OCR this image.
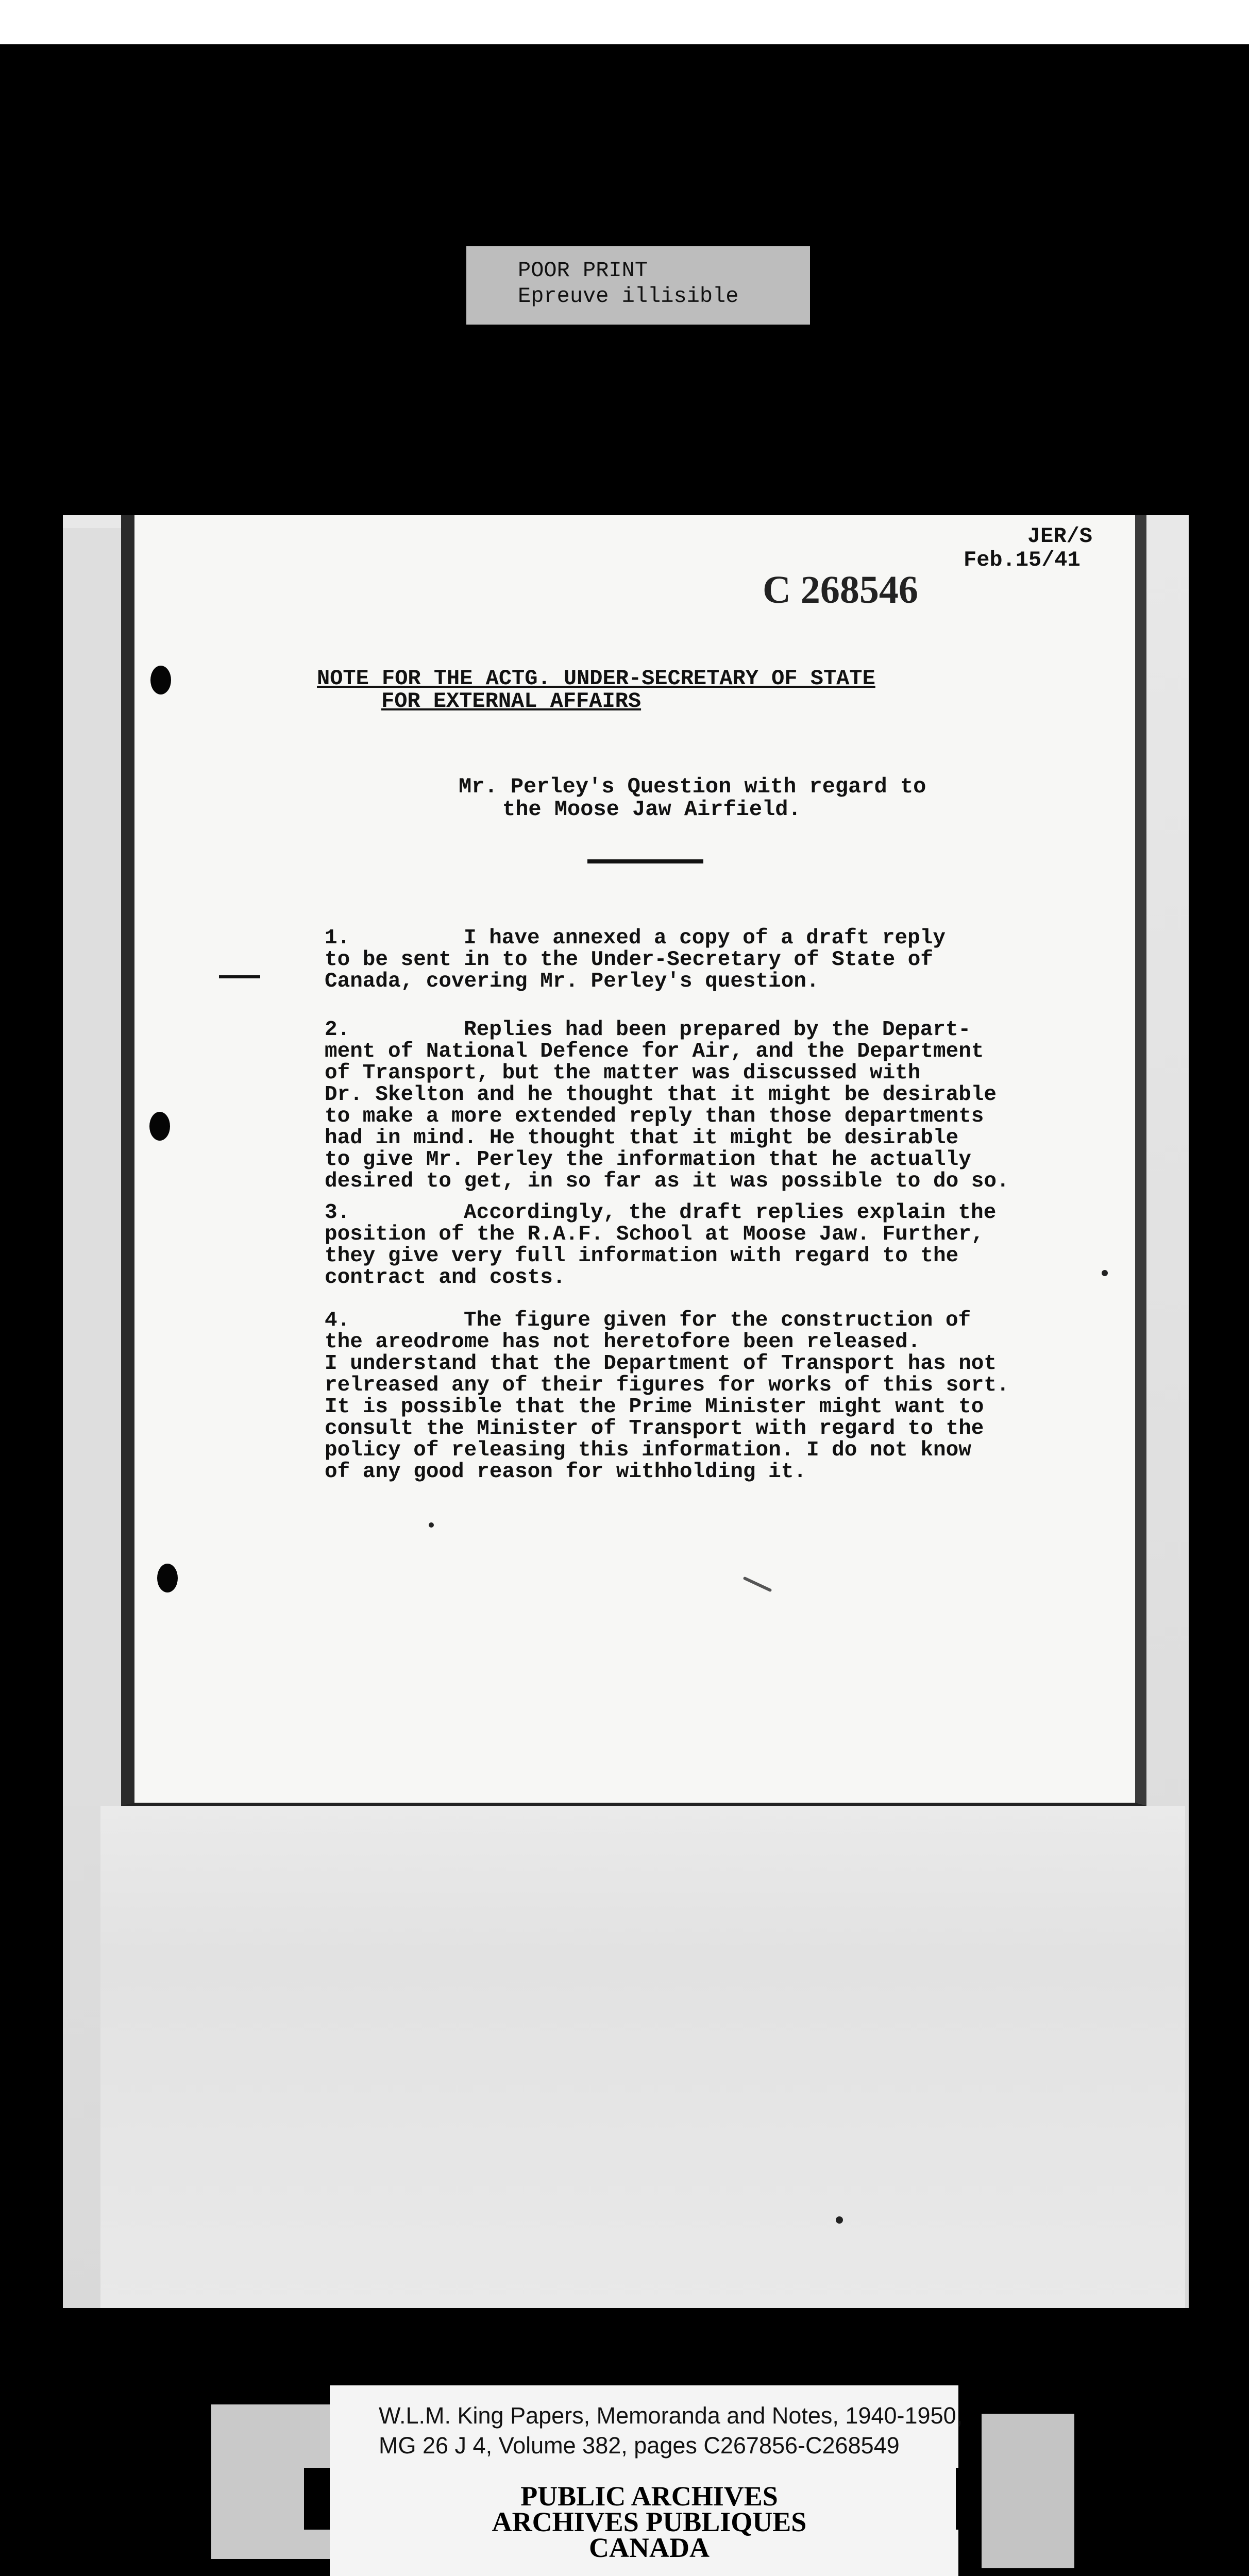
POOR PRINT
Epreuve illisible
JER/S
Feb.15/41
C 268546
NOTE FOR THE ACTG. UNDER-SECRETARY OF STATE
FOR EXTERNAL AFFAIRS
Mr. Perley's Question with regard to
the Moose Jaw Airfield.
1.	I have annexed a copy of a draft reply
to be sent in to the Under-Secretary of State of
Canada, covering Mr. Perley's question.
2.	Replies had been prepared by the Depart-
ment of National Defence for Air, and the Department
of Transport, but the matter was discussed with
Dr. Skelton and he thought that it might be desirable
to make a more extended reply than those departments
had in mind. He thought that it might be desirable
to give Mr. Perley the information that he actually
desired to get, in so far as it was possible to do so.
3.	Accordingly, the draft replies explain the
position of the R.A.F. School at Moose Jaw. Further,
they give very full information with regard to the
contract and costs.
4.	The figure given for the construction of
the areodrome has not heretofore been released.
I understand that the Department of Transport has not
relreased any of their figures for works of this sort.
It is possible that the Prime Minister might want to
consult the Minister of Transport with regard to the
policy of releasing this information. I do not know
of any good reason for withholding it.
W.L.M. King Papers, Memoranda and Notes, 1940-1950,
MG 26 J 4, Volume 382, pages C267856-C268549
PUBLIC ARCHIVES
ARCHIVES PUBLIQUES
CANADA
